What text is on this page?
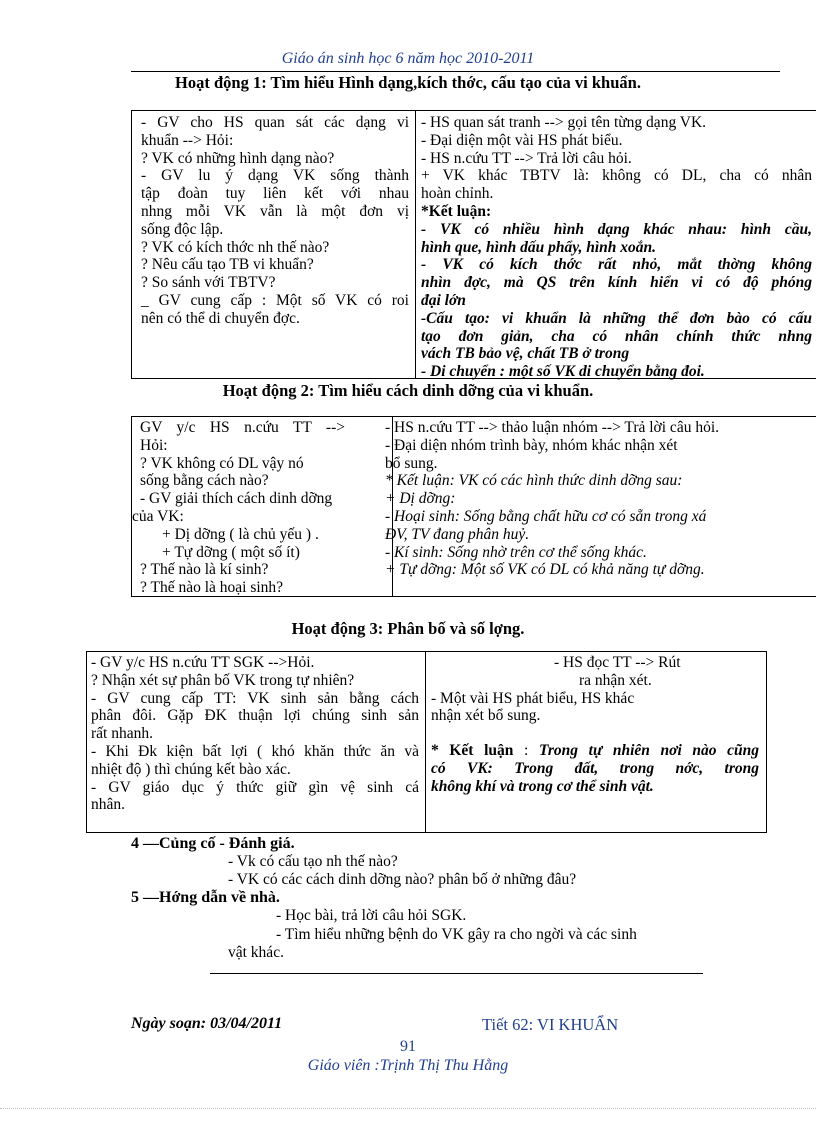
Giáo án sinh học 6 năm học 2010-2011
Hoạt động 1: Tìm hiểu Hình dạng,kích thớc, cấu tạo của vi khuẩn.

- GV cho HS quan sát các dạng vi

khuẩn --> Hỏi:

? VK có những hình dạng nào?

- GV lu ý dạng VK sống thành

tập đoàn tuy liên kết với nhau

nhng mỗi VK vẫn là một đơn vị

sống độc lập.

? VK có kích thớc nh thế nào?

? Nêu cấu tạo TB vi khuẩn?

? So sánh với TBTV?

_ GV cung cấp : Một số VK có roi

nên có thể di chuyển đợc.

- HS quan sát tranh --> gọi tên từng dạng VK.

- Đại diện một vài HS phát biểu.

- HS n.cứu TT --> Trả lời câu hỏi.

+ VK khác TBTV là: không có DL, cha có nhân

hoàn chỉnh.

*Kết luận:

- VK có nhiều hình dạng khác nhau: hình cầu,

hình que, hình dấu phẩy, hình xoắn.

- VK có kích thớc rất nhỏ, mắt thờng không

nhìn đợc, mà QS trên kính hiển vi có độ phóng

đại lớn

-Cấu tạo: vi khuẩn là những thể đơn bào có cấu

tạo đơn giản, cha có nhân chính thức nhng

vách TB bảo vệ, chất TB ở trong

- Di chuyển : một số VK di chuyển bằng đoi.

Hoạt động 2: Tìm hiểu cách dinh dỡng của vi khuẩn.

GV y/c HS n.cứu TT -->

Hỏi:

? VK không có DL vậy nó

sống bằng cách nào?

- GV giải thích cách dinh dỡng

của VK:

+ Dị dỡng ( là chủ yếu ) .

+ Tự dỡng ( một số ít)

? Thế nào là kí sinh?

? Thế nào là hoại sinh?

- HS n.cứu TT --> thảo luận nhóm --> Trả lời câu hỏi.

- Đại diện nhóm trình bày, nhóm khác nhận xét

bổ sung.

* Kết luận: VK có các hình thức dinh dỡng sau:

+ Dị dỡng:

- Hoại sinh: Sống bằng chất hữu cơ có sẵn trong xá

ĐV, TV đang phân huỷ.

- Kí sinh: Sống nhờ trên cơ thể sống khác.

+ Tự dỡng: Một số VK có DL có khả năng tự dỡng.

Hoạt động 3: Phân bố và số lợng.

- GV y/c HS n.cứu TT SGK -->Hỏi.

? Nhận xét sự phân bố VK trong tự nhiên?

- GV cung cấp TT: VK sinh sản bằng cách

phân đôi. Gặp ĐK thuận lợi chúng sinh sản

rất nhanh.

- Khi Đk kiện bất lợi ( khó khăn thức ăn và

nhiệt độ ) thì chúng kết bào xác.

- GV giáo dục ý thức giữ gìn vệ sinh cá

nhân.

- HS đọc TT --> Rút

ra nhận xét.

- Một vài HS phát biểu, HS khác

nhận xét bổ sung.

* Kết luận : Trong tự nhiên nơi nào cũng

có VK: Trong đất, trong nớc, trong

không khí và trong cơ thể sinh vật.

4 —Củng cố - Đánh giá.
- Vk có cấu tạo nh thế nào?
- VK có các cách dinh dỡng nào? phân bố ở những đâu?
5 —Hớng dẫn về nhà.
- Học bài, trả lời câu hỏi SGK.
- Tìm hiểu những bệnh do VK gây ra cho ngời và các sinh
vật khác.
Ngày soạn: 03/04/2011	Tiết 62: VI KHUẨN
91
Giáo viên :Trịnh Thị Thu Hằng
